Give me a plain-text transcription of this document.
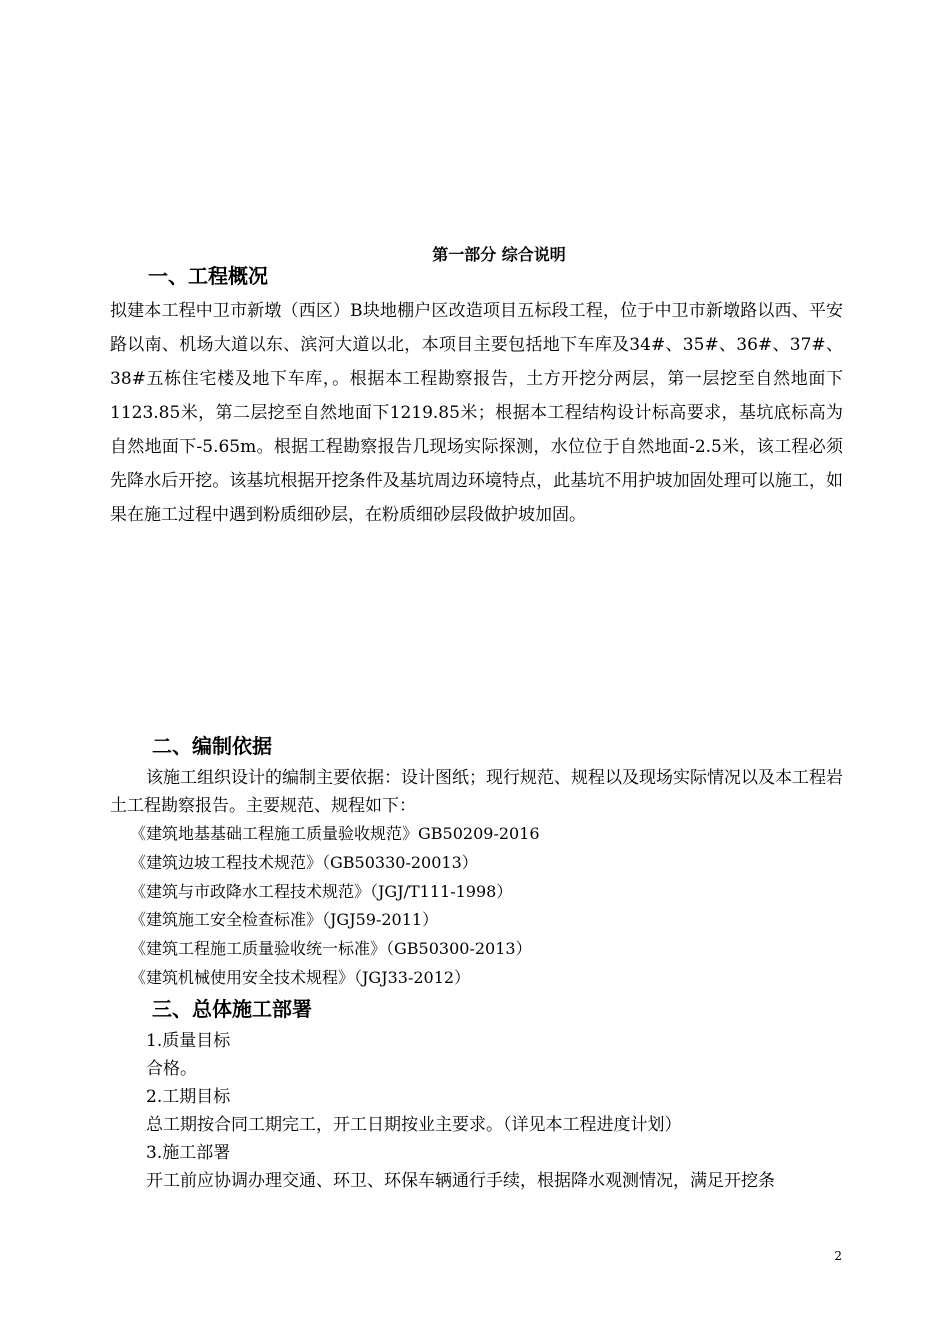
第一部分 综合说明
一、工程概况
拟建本工程中卫市新墩（西区）B块地棚户区改造项目五标段工程，位于中卫市新墩路以西、平安路以南、机场大道以东、滨河大道以北，本项目主要包括地下车库及34#、35#、36#、37#、38#五栋住宅楼及地下车库，。根据本工程勘察报告，土方开挖分两层，第一层挖至自然地面下1123.85米，第二层挖至自然地面下1219.85米；根据本工程结构设计标高要求，基坑底标高为自然地面下-5.65m。根据工程勘察报告几现场实际探测，水位位于自然地面-2.5米，该工程必须先降水后开挖。该基坑根据开挖条件及基坑周边环境特点，此基坑不用护坡加固处理可以施工，如果在施工过程中遇到粉质细砂层，在粉质细砂层段做护坡加固。
二、编制依据
该施工组织设计的编制主要依据：设计图纸；现行规范、规程以及现场实际情况以及本工程岩土工程勘察报告。主要规范、规程如下：
《建筑地基基础工程施工质量验收规范》GB50209-2016
《建筑边坡工程技术规范》（GB50330-20013）
《建筑与市政降水工程技术规范》（JGJ/T111-1998）
《建筑施工安全检查标准》（JGJ59-2011）
《建筑工程施工质量验收统一标准》（GB50300-2013）
《建筑机械使用安全技术规程》（JGJ33-2012）
三、总体施工部署
1.质量目标
合格。
2.工期目标
总工期按合同工期完工，开工日期按业主要求。（详见本工程进度计划）
3.施工部署
开工前应协调办理交通、环卫、环保车辆通行手续，根据降水观测情况，满足开挖条
2
